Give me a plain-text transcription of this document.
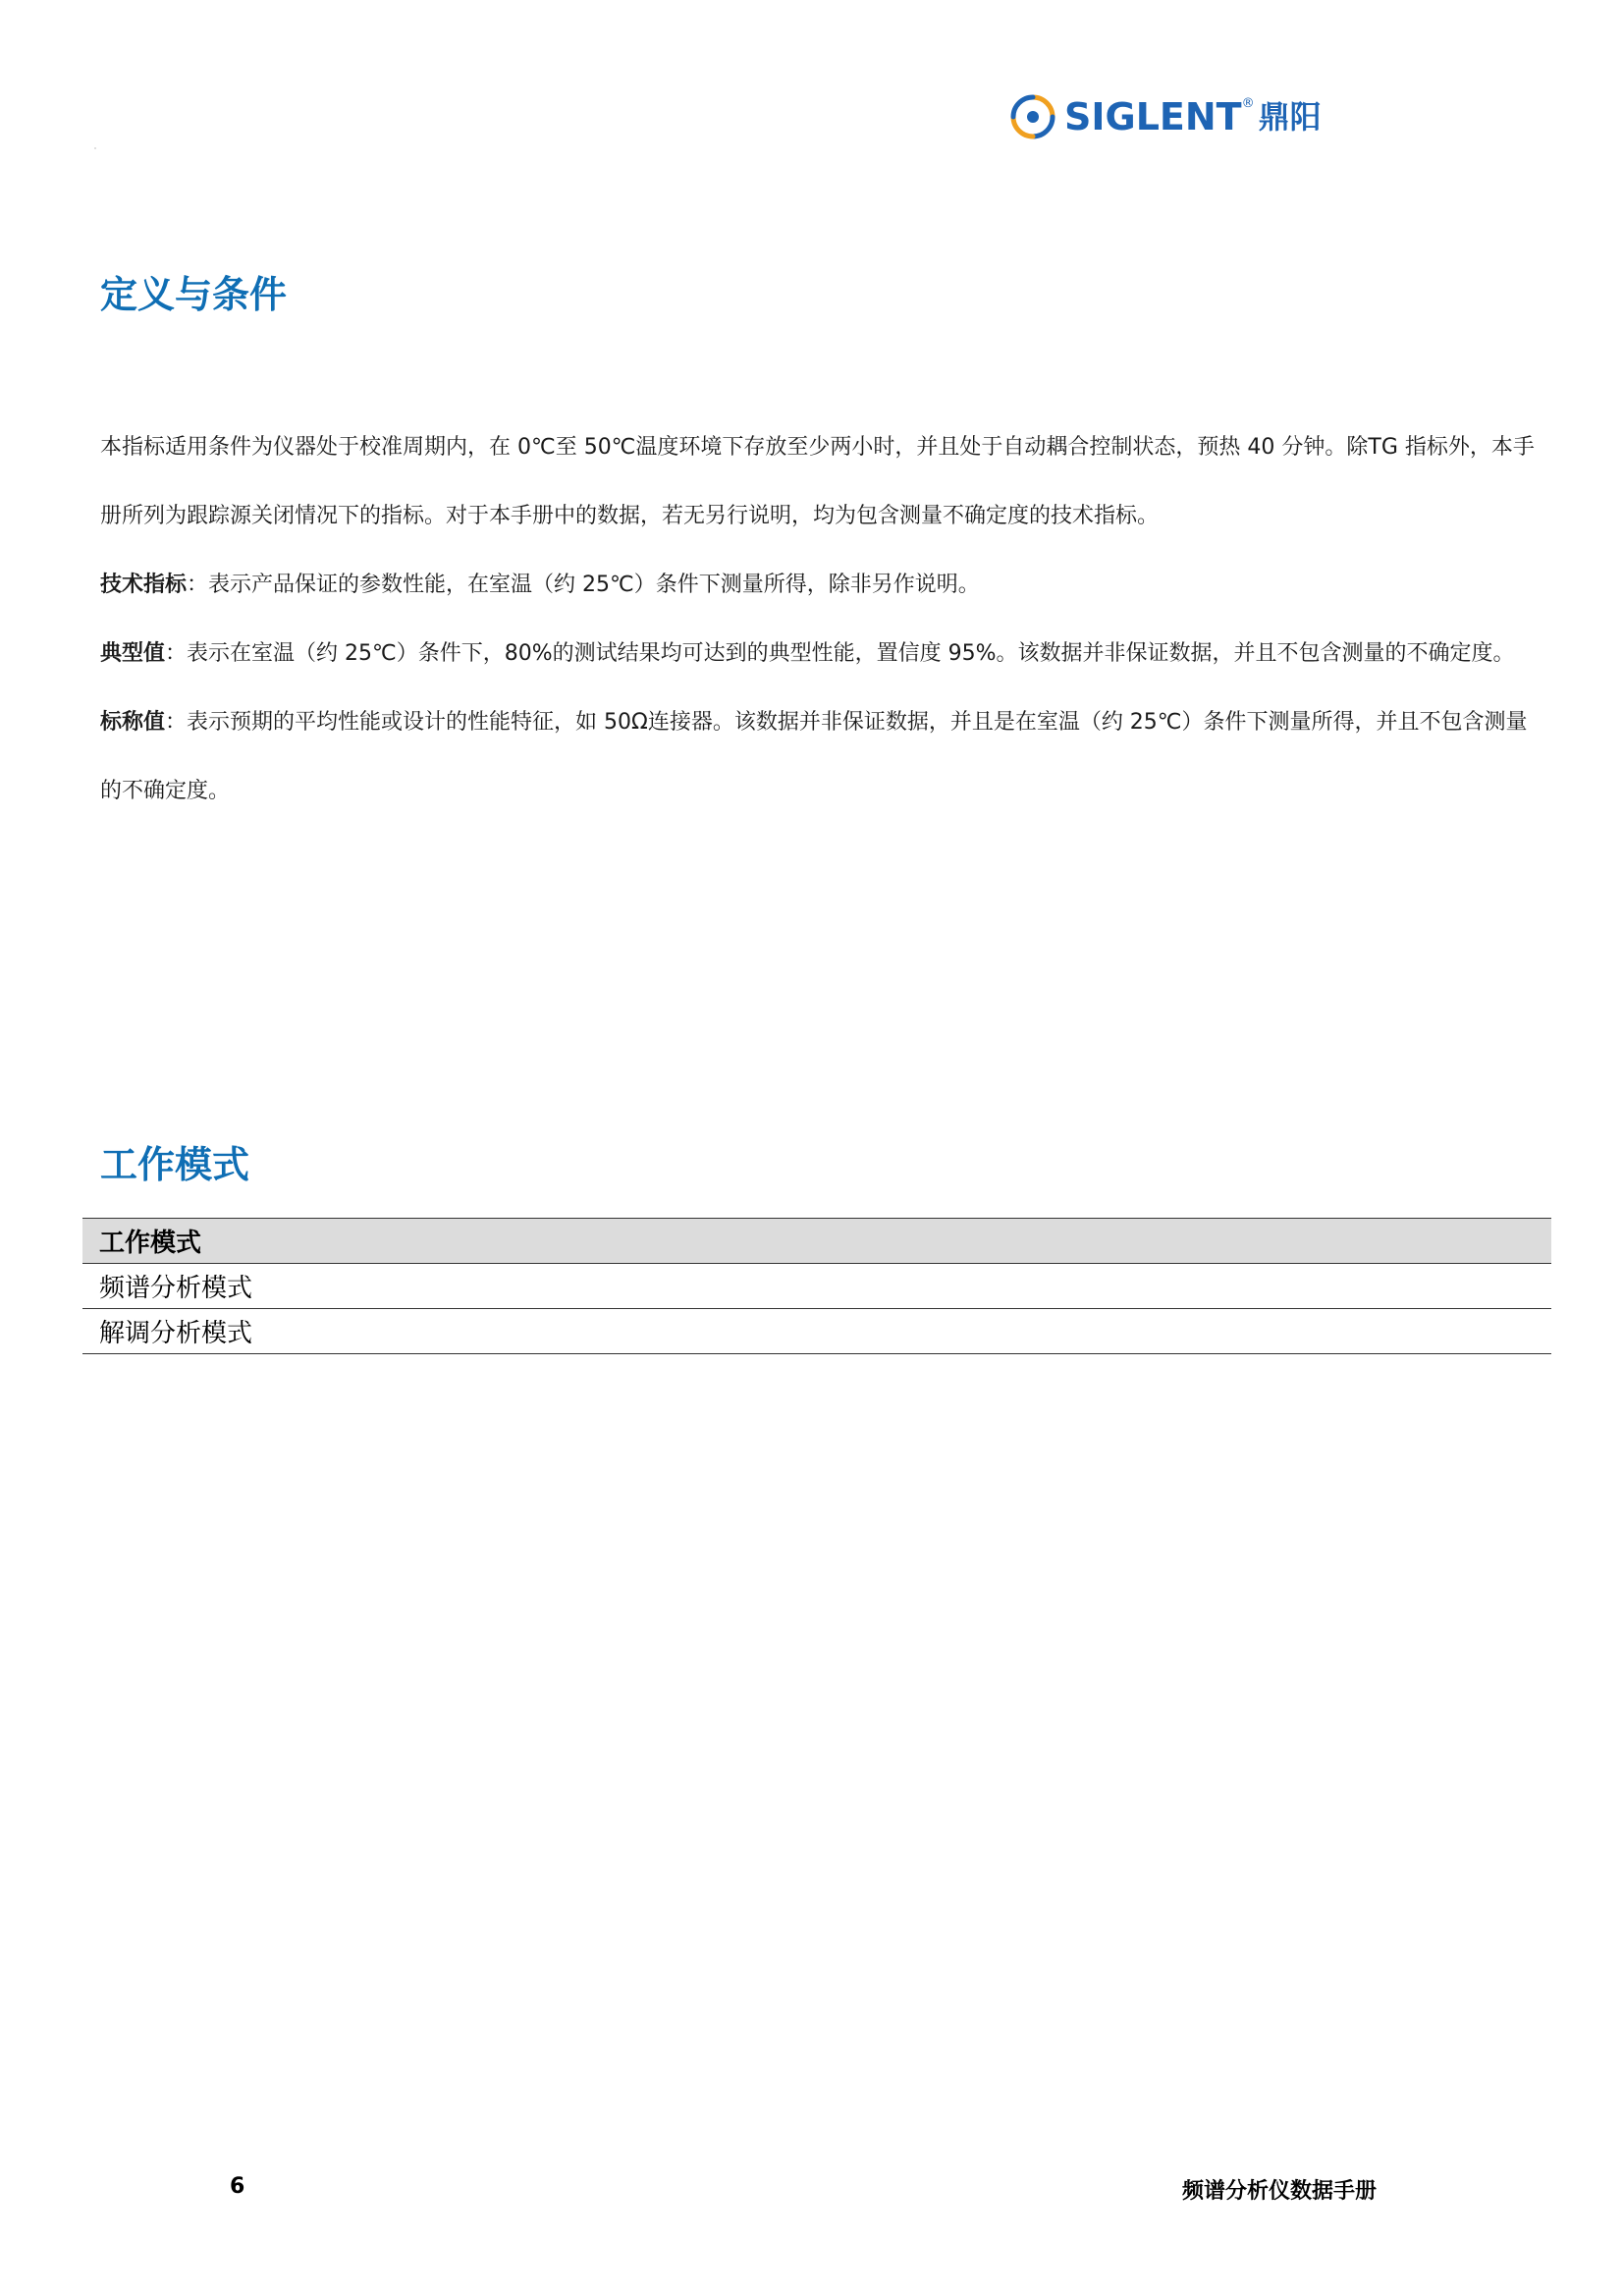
SIGLENT ® 鼎阳
定义与条件

本指标适用条件为仪器处于校准周期内，在 0℃至 50℃温度环境下存放至少两小时，并且处于自动耦合控制状态，预热 40 分钟。除TG 指标外，本手册所列为跟踪源关闭情况下的指标。对于本手册中的数据，若无另行说明，均为包含测量不确定度的技术指标。

技术指标：表示产品保证的参数性能，在室温（约 25℃）条件下测量所得，除非另作说明。

典型值：表示在室温（约 25℃）条件下，80%的测试结果均可达到的典型性能，置信度 95%。该数据并非保证数据，并且不包含测量的不确定度。

标称值：表示预期的平均性能或设计的性能特征，如 50Ω连接器。该数据并非保证数据，并且是在室温（约 25℃）条件下测量所得，并且不包含测量的不确定度。

工作模式
工作模式
频谱分析模式
解调分析模式
6	频谱分析仪数据手册
